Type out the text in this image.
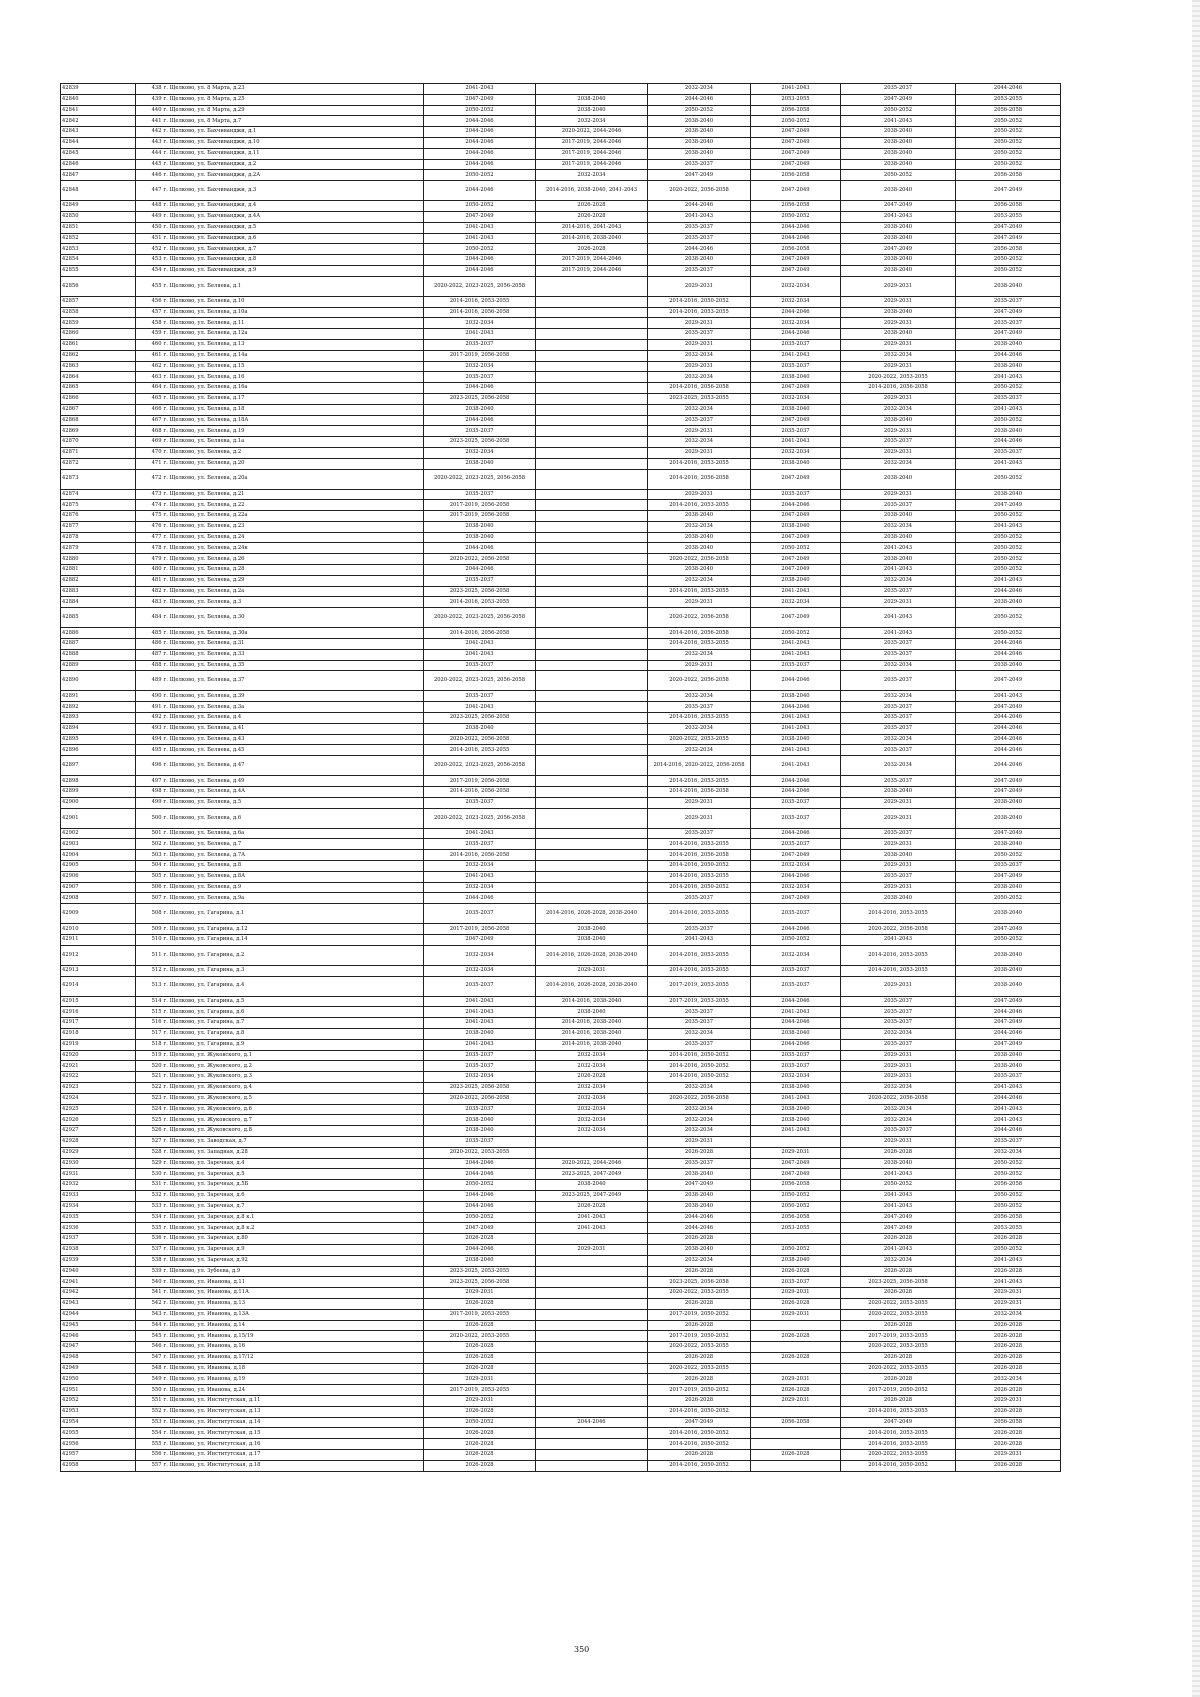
42839	438	г. Щелково, ул. 8 Марта, д.23	2041-2043		2032-2034	2041-2043	2035-2037	2044-2046
42840	439	г. Щелково, ул. 8 Марта, д.25	2047-2049	2038-2040	2044-2046	2053-2055	2047-2049	2053-2055
42841	440	г. Щелково, ул. 8 Марта, д.29	2050-2052	2038-2040	2050-2052	2056-2058	2050-2052	2056-2058
42842	441	г. Щелково, ул. 8 Марта, д.7	2044-2046	2032-2034	2038-2040	2050-2052	2041-2043	2050-2052
42843	442	г. Щелково, ул. Бахчиванджи, д.1	2044-2046	2020-2022, 2044-2046	2038-2040	2047-2049	2038-2040	2050-2052
42844	443	г. Щелково, ул. Бахчиванджи, д.10	2044-2046	2017-2019, 2044-2046	2038-2040	2047-2049	2038-2040	2050-2052
42845	444	г. Щелково, ул. Бахчиванджи, д.11	2044-2046	2017-2019, 2044-2046	2038-2040	2047-2049	2038-2040	2050-2052
42846	445	г. Щелково, ул. Бахчиванджи, д.2	2044-2046	2017-2019, 2044-2046	2035-2037	2047-2049	2038-2040	2050-2052
42847	446	г. Щелково, ул. Бахчиванджи, д.2А	2050-2052	2032-2034	2047-2049	2056-2058	2050-2052	2056-2058
42848	447	г. Щелково, ул. Бахчиванджи, д.3	2044-2046	2014-2016, 2038-2040, 2041-2043	2020-2022, 2056-2058	2047-2049	2038-2040	2047-2049
42849	448	г. Щелково, ул. Бахчиванджи, д.4	2050-2052	2026-2028	2044-2046	2056-2058	2047-2049	2056-2058
42850	449	г. Щелково, ул. Бахчиванджи, д.4А	2047-2049	2026-2028	2041-2043	2050-2052	2041-2043	2053-2055
42851	450	г. Щелково, ул. Бахчиванджи, д.5	2041-2043	2014-2016, 2041-2043	2035-2037	2044-2046	2038-2040	2047-2049
42852	451	г. Щелково, ул. Бахчиванджи, д.6	2041-2043	2014-2016, 2038-2040	2035-2037	2044-2046	2038-2040	2047-2049
42853	452	г. Щелково, ул. Бахчиванджи, д.7	2050-2052	2026-2028	2044-2046	2056-2058	2047-2049	2056-2058
42854	453	г. Щелково, ул. Бахчиванджи, д.8	2044-2046	2017-2019, 2044-2046	2038-2040	2047-2049	2038-2040	2050-2052
42855	454	г. Щелково, ул. Бахчиванджи, д.9	2044-2046	2017-2019, 2044-2046	2035-2037	2047-2049	2038-2040	2050-2052
42856	455	г. Щелково, ул. Беляева, д.1	2020-2022, 2023-2025, 2056-2058		2029-2031	2032-2034	2029-2031	2038-2040
42857	456	г. Щелково, ул. Беляева, д.10	2014-2016, 2053-2055		2014-2016, 2050-2052	2032-2034	2029-2031	2035-2037
42858	457	г. Щелково, ул. Беляева, д.10а	2014-2016, 2056-2058		2014-2016, 2053-2055	2044-2046	2038-2040	2047-2049
42859	458	г. Щелково, ул. Беляева, д.11	2032-2034		2029-2031	2032-2034	2029-2031	2035-2037
42860	459	г. Щелково, ул. Беляева, д.12а	2041-2043		2035-2037	2044-2046	2038-2040	2047-2049
42861	460	г. Щелково, ул. Беляева, д.13	2035-2037		2029-2031	2035-2037	2029-2031	2038-2040
42862	461	г. Щелково, ул. Беляева, д.14а	2017-2019, 2056-2058		2032-2034	2041-2043	2032-2034	2044-2046
42863	462	г. Щелково, ул. Беляева, д.15	2032-2034		2029-2031	2035-2037	2029-2031	2038-2040
42864	463	г. Щелково, ул. Беляева, д.16	2035-2037		2032-2034	2038-2040	2020-2022, 2053-2055	2041-2043
42865	464	г. Щелково, ул. Беляева, д.16а	2044-2046		2014-2016, 2056-2058	2047-2049	2014-2016, 2056-2058	2050-2052
42866	465	г. Щелково, ул. Беляева, д.17	2023-2025, 2056-2058		2023-2025, 2053-2055	2032-2034	2029-2031	2035-2037
42867	466	г. Щелково, ул. Беляева, д.18	2038-2040		2032-2034	2038-2040	2032-2034	2041-2043
42868	467	г. Щелково, ул. Беляева, д.18А	2044-2046		2035-2037	2047-2049	2038-2040	2050-2052
42869	468	г. Щелково, ул. Беляева, д.19	2035-2037		2029-2031	2035-2037	2029-2031	2038-2040
42870	469	г. Щелково, ул. Беляева, д.1а	2023-2025, 2056-2058		2032-2034	2041-2043	2035-2037	2044-2046
42871	470	г. Щелково, ул. Беляева, д.2	2032-2034		2029-2031	2032-2034	2029-2031	2035-2037
42872	471	г. Щелково, ул. Беляева, д.20	2038-2040		2014-2016, 2053-2055	2038-2040	2032-2034	2041-2043
42873	472	г. Щелково, ул. Беляева, д.20а	2020-2022, 2023-2025, 2056-2058		2014-2016, 2056-2058	2047-2049	2038-2040	2050-2052
42874	473	г. Щелково, ул. Беляева, д.21	2035-2037		2029-2031	2035-2037	2029-2031	2038-2040
42875	474	г. Щелково, ул. Беляева, д.22	2017-2019, 2056-2058		2014-2016, 2053-2055	2044-2046	2035-2037	2047-2049
42876	475	г. Щелково, ул. Беляева, д.22а	2017-2019, 2056-2058		2038-2040	2047-2049	2038-2040	2050-2052
42877	476	г. Щелково, ул. Беляева, д.23	2038-2040		2032-2034	2038-2040	2032-2034	2041-2043
42878	477	г. Щелково, ул. Беляева, д.24	2038-2040		2038-2040	2047-2049	2038-2040	2050-2052
42879	478	г. Щелково, ул. Беляева, д.24к	2044-2046		2038-2040	2050-2052	2041-2043	2050-2052
42880	479	г. Щелково, ул. Беляева, д.26	2020-2022, 2056-2058		2020-2022, 2056-2058	2047-2049	2038-2040	2050-2052
42881	480	г. Щелково, ул. Беляева, д.28	2044-2046		2038-2040	2047-2049	2041-2043	2050-2052
42882	481	г. Щелково, ул. Беляева, д.29	2035-2037		2032-2034	2038-2040	2032-2034	2041-2043
42883	482	г. Щелково, ул. Беляева, д.2а	2023-2025, 2056-2058		2014-2016, 2053-2055	2041-2043	2035-2037	2044-2046
42884	483	г. Щелково, ул. Беляева, д.3	2014-2016, 2053-2055		2029-2031	2032-2034	2029-2031	2038-2040
42885	484	г. Щелково, ул. Беляева, д.30	2020-2022, 2023-2025, 2056-2058		2020-2022, 2056-2058	2047-2049	2041-2043	2050-2052
42886	485	г. Щелково, ул. Беляева, д.30а	2014-2016, 2056-2058		2014-2016, 2056-2058	2050-2052	2041-2043	2050-2052
42887	486	г. Щелково, ул. Беляева, д.31	2041-2043		2014-2016, 2053-2055	2041-2043	2035-2037	2044-2046
42888	487	г. Щелково, ул. Беляева, д.33	2041-2043		2032-2034	2041-2043	2035-2037	2044-2046
42889	488	г. Щелково, ул. Беляева, д.35	2035-2037		2029-2031	2035-2037	2032-2034	2038-2040
42890	489	г. Щелково, ул. Беляева, д.37	2020-2022, 2023-2025, 2056-2058		2020-2022, 2056-2058	2044-2046	2035-2037	2047-2049
42891	490	г. Щелково, ул. Беляева, д.39	2035-2037		2032-2034	2038-2040	2032-2034	2041-2043
42892	491	г. Щелково, ул. Беляева, д.3а	2041-2043		2035-2037	2044-2046	2035-2037	2047-2049
42893	492	г. Щелково, ул. Беляева, д.4	2023-2025, 2056-2058		2014-2016, 2053-2055	2041-2043	2035-2037	2044-2046
42894	493	г. Щелково, ул. Беляева, д.41	2038-2040		2032-2034	2041-2043	2035-2037	2044-2046
42895	494	г. Щелково, ул. Беляева, д.43	2020-2022, 2056-2058		2020-2022, 2053-2055	2038-2040	2032-2034	2044-2046
42896	495	г. Щелково, ул. Беляева, д.45	2014-2016, 2053-2055		2032-2034	2041-2043	2035-2037	2044-2046
42897	496	г. Щелково, ул. Беляева, д.47	2020-2022, 2023-2025, 2056-2058		2014-2016, 2020-2022, 2056-2058	2041-2043	2032-2034	2044-2046
42898	497	г. Щелково, ул. Беляева, д.49	2017-2019, 2056-2058		2014-2016, 2053-2055	2044-2046	2035-2037	2047-2049
42899	498	г. Щелково, ул. Беляева, д.4А	2014-2016, 2056-2058		2014-2016, 2056-2058	2044-2046	2038-2040	2047-2049
42900	499	г. Щелково, ул. Беляева, д.5	2035-2037		2029-2031	2035-2037	2029-2031	2038-2040
42901	500	г. Щелково, ул. Беляева, д.6	2020-2022, 2023-2025, 2056-2058		2029-2031	2035-2037	2029-2031	2038-2040
42902	501	г. Щелково, ул. Беляева, д.6а	2041-2043		2035-2037	2044-2046	2035-2037	2047-2049
42903	502	г. Щелково, ул. Беляева, д.7	2035-2037		2014-2016, 2053-2055	2035-2037	2029-2031	2038-2040
42904	503	г. Щелково, ул. Беляева, д.7А	2014-2016, 2056-2058		2014-2016, 2056-2058	2047-2049	2038-2040	2050-2052
42905	504	г. Щелково, ул. Беляева, д.8	2032-2034		2014-2016, 2050-2052	2032-2034	2029-2031	2035-2037
42906	505	г. Щелково, ул. Беляева, д.8А	2041-2043		2014-2016, 2053-2055	2044-2046	2035-2037	2047-2049
42907	506	г. Щелково, ул. Беляева, д.9	2032-2034		2014-2016, 2050-2052	2032-2034	2029-2031	2038-2040
42908	507	г. Щелково, ул. Беляева, д.9а	2044-2046		2035-2037	2047-2049	2038-2040	2050-2052
42909	508	г. Щелково, ул. Гагарина, д.1	2035-2037	2014-2016, 2026-2028, 2038-2040	2014-2016, 2053-2055	2035-2037	2014-2016, 2053-2055	2038-2040
42910	509	г. Щелково, ул. Гагарина, д.12	2017-2019, 2056-2058	2038-2040	2035-2037	2044-2046	2020-2022, 2056-2058	2047-2049
42911	510	г. Щелково, ул. Гагарина, д.14	2047-2049	2038-2040	2041-2043	2050-2052	2041-2043	2050-2052
42912	511	г. Щелково, ул. Гагарина, д.2	2032-2034	2014-2016, 2026-2028, 2038-2040	2014-2016, 2053-2055	2032-2034	2014-2016, 2053-2055	2038-2040
42913	512	г. Щелково, ул. Гагарина, д.3	2032-2034	2029-2031	2014-2016, 2053-2055	2035-2037	2014-2016, 2053-2055	2038-2040
42914	513	г. Щелково, ул. Гагарина, д.4	2035-2037	2014-2016, 2026-2028, 2038-2040	2017-2019, 2053-2055	2035-2037	2029-2031	2038-2040
42915	514	г. Щелково, ул. Гагарина, д.5	2041-2043	2014-2016, 2038-2040	2017-2019, 2053-2055	2044-2046	2035-2037	2047-2049
42916	515	г. Щелково, ул. Гагарина, д.6	2041-2043	2038-2040	2035-2037	2041-2043	2035-2037	2044-2046
42917	516	г. Щелково, ул. Гагарина, д.7	2041-2043	2014-2016, 2038-2040	2035-2037	2044-2046	2035-2037	2047-2049
42918	517	г. Щелково, ул. Гагарина, д.8	2038-2040	2014-2016, 2038-2040	2032-2034	2038-2040	2032-2034	2044-2046
42919	518	г. Щелково, ул. Гагарина, д.9	2041-2043	2014-2016, 2038-2040	2035-2037	2044-2046	2035-2037	2047-2049
42920	519	г. Щелково, ул. Жуковского, д.1	2035-2037	2032-2034	2014-2016, 2050-2052	2035-2037	2029-2031	2038-2040
42921	520	г. Щелково, ул. Жуковского, д.2	2035-2037	2032-2034	2014-2016, 2050-2052	2035-2037	2029-2031	2038-2040
42922	521	г. Щелково, ул. Жуковского, д.3	2032-2034	2026-2028	2014-2016, 2050-2052	2032-2034	2029-2031	2035-2037
42923	522	г. Щелково, ул. Жуковского, д.4	2023-2025, 2056-2058	2032-2034	2032-2034	2038-2040	2032-2034	2041-2043
42924	523	г. Щелково, ул. Жуковского, д.5	2020-2022, 2056-2058	2032-2034	2020-2022, 2056-2058	2041-2043	2020-2022, 2056-2058	2044-2046
42925	524	г. Щелково, ул. Жуковского, д.6	2035-2037	2032-2034	2032-2034	2038-2040	2032-2034	2041-2043
42926	525	г. Щелково, ул. Жуковского, д.7	2038-2040	2032-2034	2032-2034	2038-2040	2032-2034	2041-2043
42927	526	г. Щелково, ул. Жуковского, д.8	2038-2040	2032-2034	2032-2034	2041-2043	2035-2037	2044-2046
42928	527	г. Щелково, ул. Заводская, д.7	2035-2037		2029-2031		2029-2031	2035-2037
42929	528	г. Щелково, ул. Западная, д.28	2020-2022, 2053-2055		2026-2028	2029-2031	2026-2028	2032-2034
42930	529	г. Щелково, ул. Заречная, д.4	2044-2046	2020-2022, 2044-2046	2035-2037	2047-2049	2038-2040	2050-2052
42931	530	г. Щелково, ул. Заречная, д.5	2044-2046	2023-2025, 2047-2049	2038-2040	2047-2049	2041-2043	2050-2052
42932	531	г. Щелково, ул. Заречная, д.5Б	2050-2052	2038-2040	2047-2049	2056-2058	2050-2052	2056-2058
42933	532	г. Щелково, ул. Заречная, д.6	2044-2046	2023-2025, 2047-2049	2038-2040	2050-2052	2041-2043	2050-2052
42934	533	г. Щелково, ул. Заречная, д.7	2044-2046	2026-2028	2038-2040	2050-2052	2041-2043	2050-2052
42935	534	г. Щелково, ул. Заречная, д.8 к.1	2050-2052	2041-2043	2044-2046	2056-2058	2047-2049	2056-2058
42936	535	г. Щелково, ул. Заречная, д.8 к.2	2047-2049	2041-2043	2044-2046	2053-2055	2047-2049	2053-2055
42937	536	г. Щелково, ул. Заречная, д.80	2026-2028		2026-2028		2026-2028	2026-2028
42938	537	г. Щелково, ул. Заречная, д.9	2044-2046	2029-2031	2038-2040	2050-2052	2041-2043	2050-2052
42939	538	г. Щелково, ул. Заречная, д.92	2038-2040		2032-2034	2038-2040	2032-2034	2041-2043
42940	539	г. Щелково, ул. Зубеева, д.9	2023-2025, 2053-2055		2026-2028	2026-2028	2026-2028	2026-2028
42941	540	г. Щелково, ул. Иванова, д.11	2023-2025, 2056-2058		2023-2025, 2056-2058	2035-2037	2023-2025, 2056-2058	2041-2043
42942	541	г. Щелково, ул. Иванова, д.11А	2029-2031		2020-2022, 2053-2055	2029-2031	2026-2028	2029-2031
42943	542	г. Щелково, ул. Иванова, д.13	2026-2028		2026-2028	2026-2028	2020-2022, 2053-2055	2029-2031
42944	543	г. Щелково, ул. Иванова, д.13А	2017-2019, 2053-2055		2017-2019, 2050-2052	2029-2031	2020-2022, 2053-2055	2032-2034
42945	544	г. Щелково, ул. Иванова, д.14	2026-2028		2026-2028		2026-2028	2026-2028
42946	545	г. Щелково, ул. Иванова, д.15/19	2020-2022, 2053-2055		2017-2019, 2050-2052	2026-2028	2017-2019, 2053-2055	2026-2028
42947	546	г. Щелково, ул. Иванова, д.16	2026-2028		2020-2022, 2053-2055		2020-2022, 2053-2055	2026-2028
42948	547	г. Щелково, ул. Иванова, д.17/12	2026-2028		2026-2028	2026-2028	2026-2028	2026-2028
42949	548	г. Щелково, ул. Иванова, д.18	2026-2028		2020-2022, 2053-2055		2020-2022, 2053-2055	2026-2028
42950	549	г. Щелково, ул. Иванова, д.19	2029-2031		2026-2028	2029-2031	2026-2028	2032-2034
42951	550	г. Щелково, ул. Иванова, д.24	2017-2019, 2053-2055		2017-2019, 2050-2052	2026-2028	2017-2019, 2050-2052	2026-2028
42952	551	г. Щелково, ул. Институтская, д.11	2029-2031		2026-2028	2029-2031	2026-2028	2029-2031
42953	552	г. Щелково, ул. Институтская, д.13	2026-2028		2014-2016, 2050-2052		2014-2016, 2053-2055	2026-2028
42954	553	г. Щелково, ул. Институтская, д.14	2050-2052	2044-2046	2047-2049	2056-2058	2047-2049	2056-2058
42955	554	г. Щелково, ул. Институтская, д.15	2026-2028		2014-2016, 2050-2052		2014-2016, 2053-2055	2026-2028
42956	555	г. Щелково, ул. Институтская, д.16	2026-2028		2014-2016, 2050-2052		2014-2016, 2053-2055	2026-2028
42957	556	г. Щелково, ул. Институтская, д.17	2026-2028		2026-2028	2026-2028	2020-2022, 2053-2055	2029-2031
42958	557	г. Щелково, ул. Институтская, д.18	2026-2028		2014-2016, 2050-2052		2014-2016, 2050-2052	2026-2028
350
